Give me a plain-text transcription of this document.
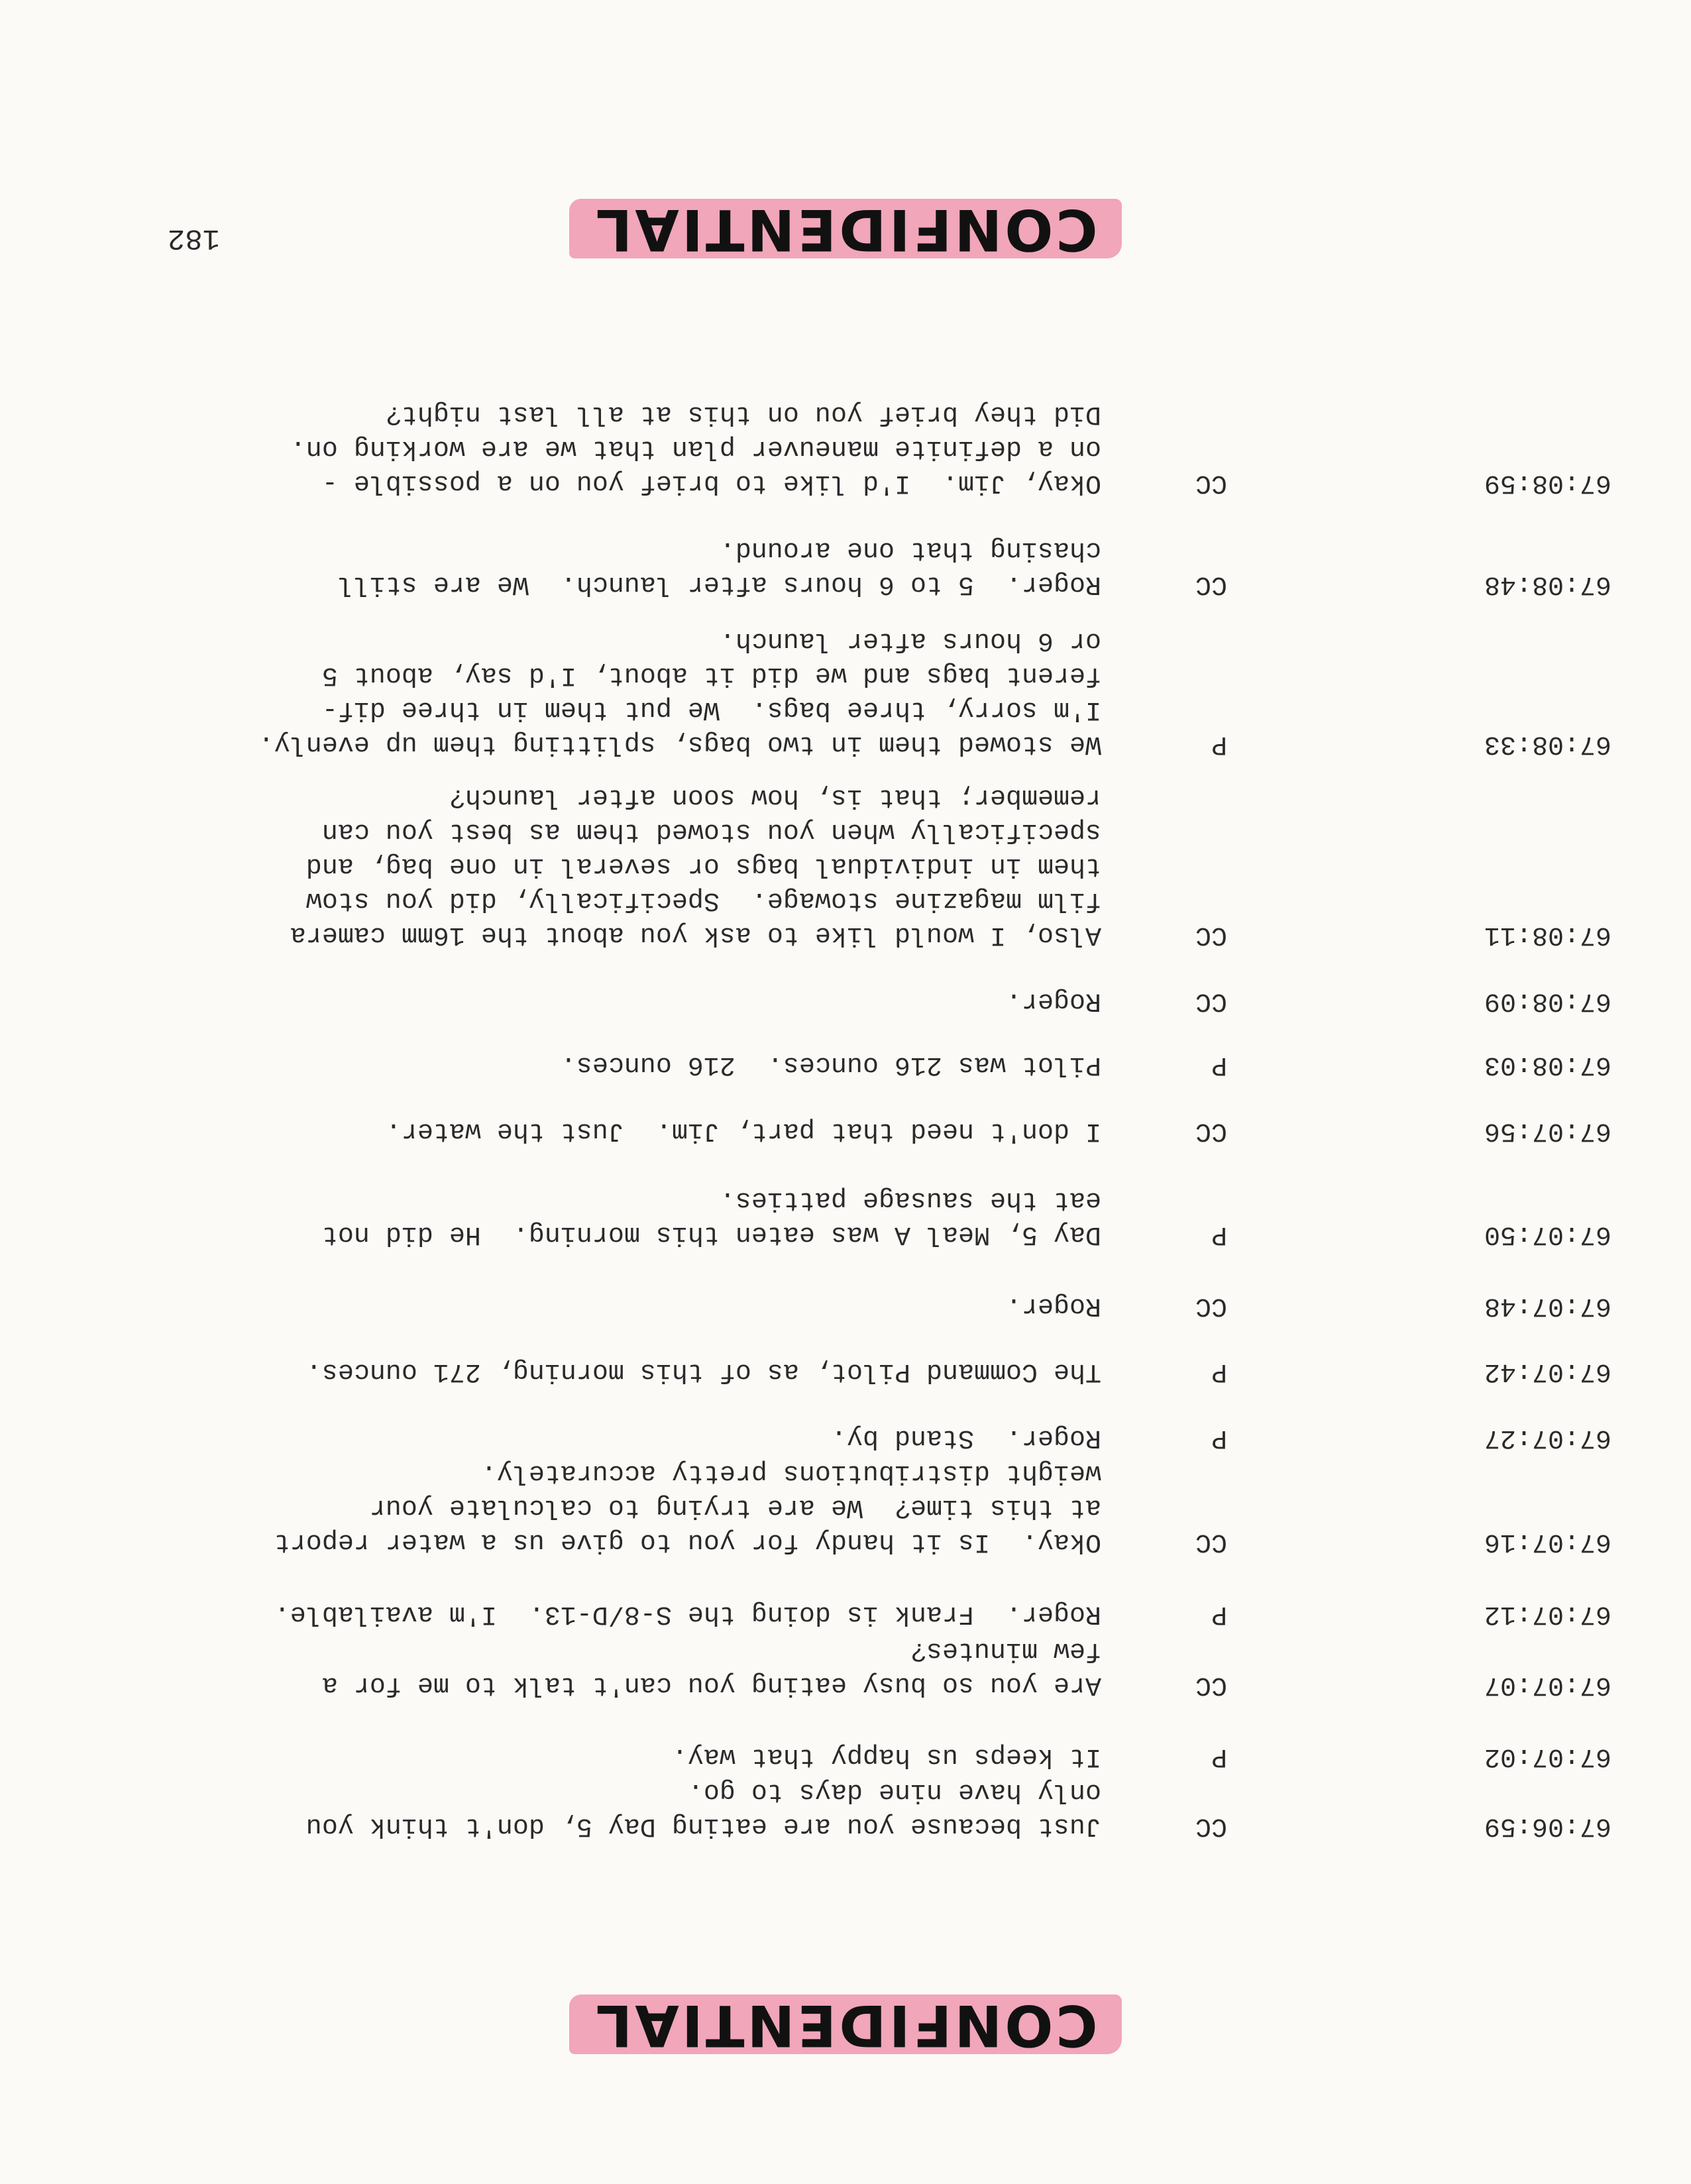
CONFIDENTIAL
182
67:06:59
CC
Just because you are eating Day 5, don't think you
only have nine days to go.
67:07:02
P
It keeps us happy that way.
67:07:07
CC
Are you so busy eating you can't talk to me for a
few minutes?
67:07:12
P
Roger.  Frank is doing the S-8/D-13.  I'm available.
67:07:16
CC
Okay.  Is it handy for you to give us a water report
at this time?  We are trying to calculate your
weight distributions pretty accurately.
67:07:27
P
Roger.  Stand by.
67:07:42
P
The Command Pilot, as of this morning, 271 ounces.
67:07:48
CC
Roger.
67:07:50
P
Day 5, Meal A was eaten this morning.  He did not
eat the sausage patties.
67:07:56
CC
I don't need that part, Jim.  Just the water.
67:08:03
P
Pilot was 216 ounces.  216 ounces.
67:08:09
CC
Roger.
67:08:11
CC
Also, I would like to ask you about the 16mm camera
film magazine stowage.  Specifically, did you stow
them in individual bags or several in one bag, and
specifically when you stowed them as best you can
remember; that is, how soon after launch?
67:08:33
P
We stowed them in two bags, splitting them up evenly.
I'm sorry, three bags.  We put them in three dif-
ferent bags and we did it about, I'd say, about 5
or 6 hours after launch.
67:08:48
CC
Roger.  5 to 6 hours after launch.  We are still
chasing that one around.
67:08:59
CC
Okay, Jim.  I'd like to brief you on a possible -
on a definite maneuver plan that we are working on.
Did they brief you on this at all last night?
CONFIDENTIAL
